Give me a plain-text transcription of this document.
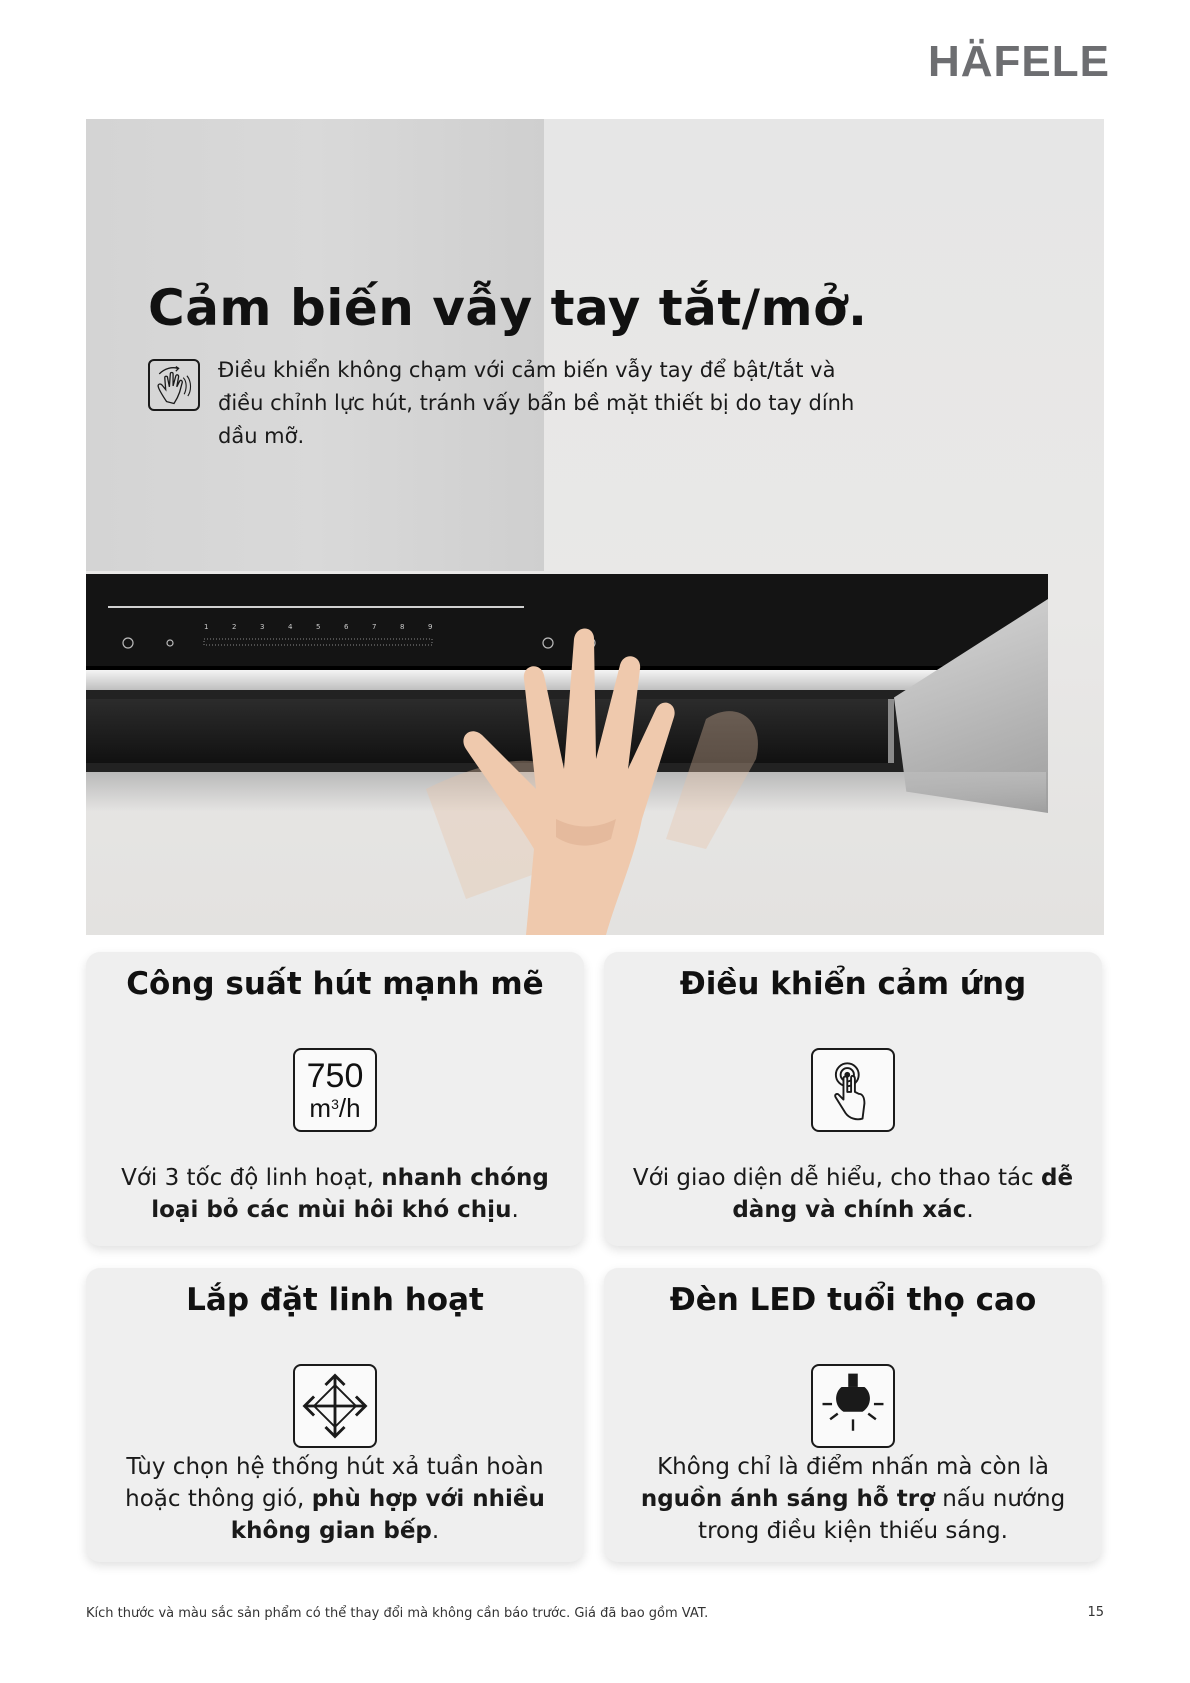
HÄFELE
1	2	3	4	5	6	7	8	9
Cảm biến vẫy tay tắt/mở.
Điều khiển không chạm với cảm biến vẫy tay để bật/tắt và điều chỉnh lực hút, tránh vấy bẩn bề mặt thiết bị do tay dính dầu mỡ.
Công suất hút mạnh mẽ
750
$m^3/h$
Với 3 tốc độ linh hoạt, nhanh chóng loại bỏ các mùi hôi khó chịu.
Điều khiển cảm ứng
Với giao diện dễ hiểu, cho thao tác dễ dàng và chính xác.
Lắp đặt linh hoạt
Tùy chọn hệ thống hút xả tuần hoàn hoặc thông gió, phù hợp với nhiều không gian bếp.
Đèn LED tuổi thọ cao
Không chỉ là điểm nhấn mà còn là nguồn ánh sáng hỗ trợ nấu nướng trong điều kiện thiếu sáng.
Kích thước và màu sắc sản phẩm có thể thay đổi mà không cần báo trước. Giá đã bao gồm VAT.	15
